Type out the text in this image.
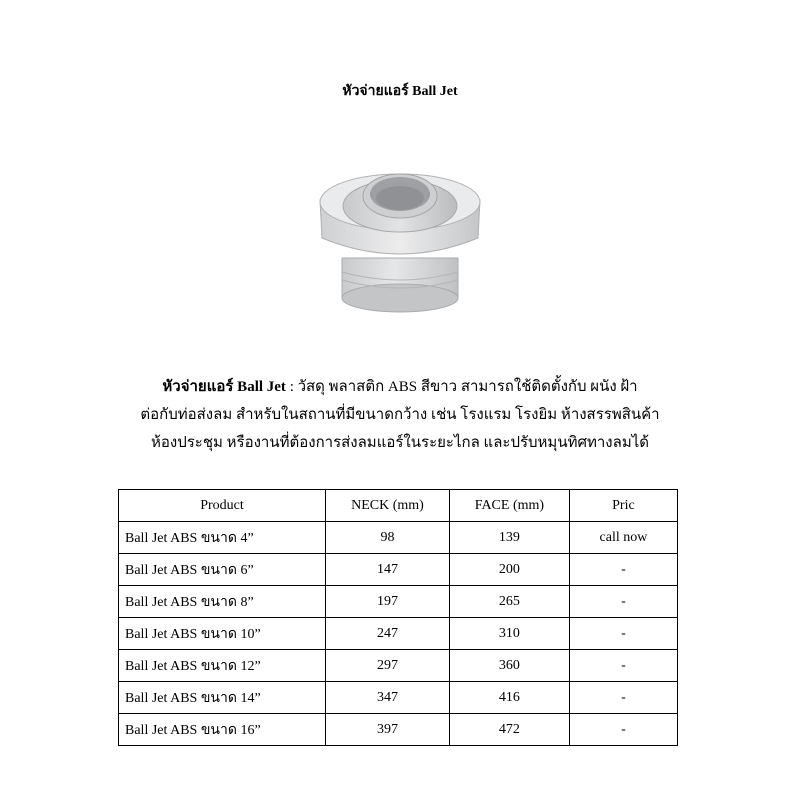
หัวจ่ายแอร์ Ball Jet
หัวจ่ายแอร์ Ball Jet : วัสดุ พลาสติก ABS สีขาว สามารถใช้ติดตั้งกับ ผนัง ฝ้า
ต่อกับท่อส่งลม สำหรับในสถานที่มีขนาดกว้าง เช่น โรงแรม โรงยิม ห้างสรรพสินค้า
ห้องประชุม หรืองานที่ต้องการส่งลมแอร์ในระยะไกล และปรับหมุนทิศทางลมได้
Product	NECK (mm)	FACE (mm)	Pric
Ball Jet ABS ขนาด 4”	98	139	call now
Ball Jet ABS ขนาด 6”	147	200	-
Ball Jet ABS ขนาด 8”	197	265	-
Ball Jet ABS ขนาด 10”	247	310	-
Ball Jet ABS ขนาด 12”	297	360	-
Ball Jet ABS ขนาด 14”	347	416	-
Ball Jet ABS ขนาด 16”	397	472	-
